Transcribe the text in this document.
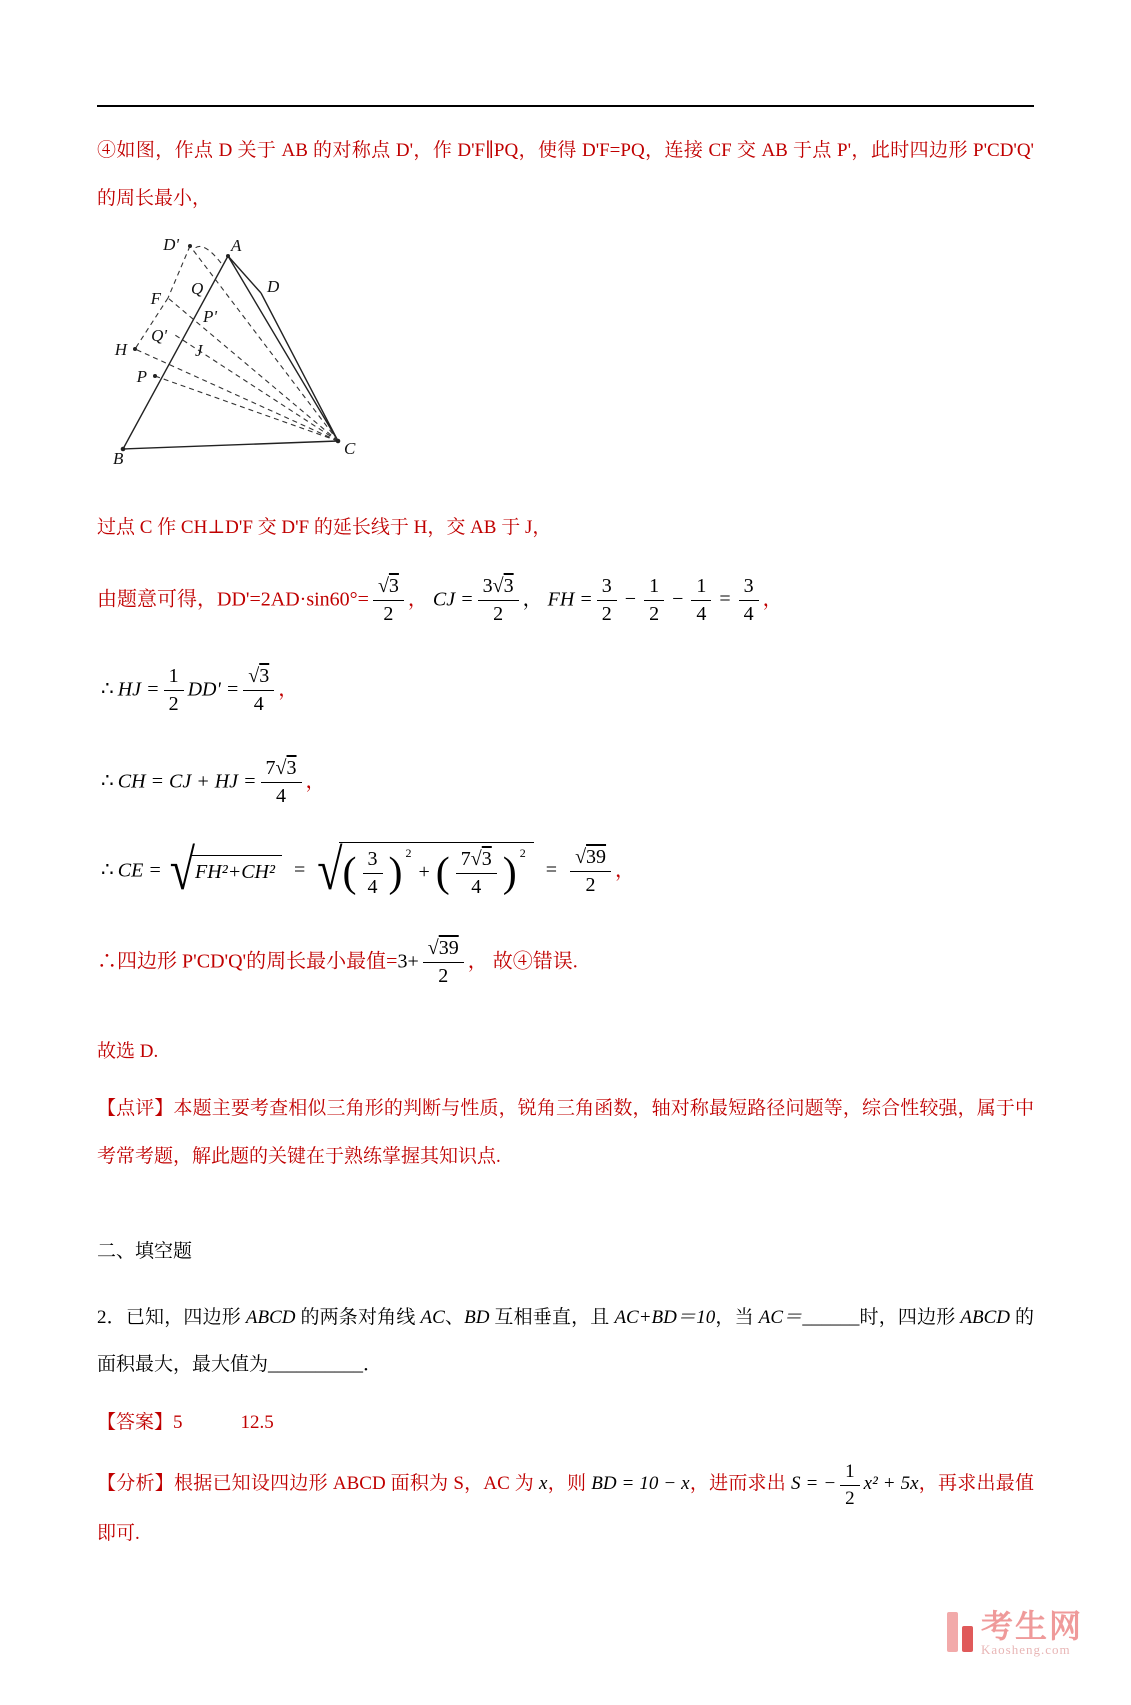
④如图，作点 D 关于 AB 的对称点 D'，作 D'F∥PQ，使得 D'F=PQ，连接 CF 交 AB 于点 P'，此时四边形 P'CD'Q' 的周长最小，

D'	A
F
Q	D
P'
H
Q'
J
P
B
C

过点 C 作 CH⊥D'F 交 D'F 的延长线于 H，交 AB 于 J，

由题意可得，$DD'=2AD\cdot\sin 60^\circ= \frac{√3}{2}$ ， CJ = $\frac{3√3}{2}$ ， FH = $\frac{3}{2} - \frac{1}{2} - \frac{1}{4} = \frac{3}{4}$ ，

∴ HJ = $\frac{1}{2} DD' = \frac{√3}{4}$ ，

∴ CH = CJ + HJ = $\frac{7√3}{4}$ ，

∴ CE = √ FH²+CH² = √ ( $\frac{3}{4}$ ) $^2$
+ ( $\frac{7√3}{4}$ ) $^2$
= $\frac{√39}{2}$ ，

∴四边形 P'CD'Q'的周长最小最值$=3+ \frac{√39}{2}$ ， 故④错误.

故选 D.

【点评】本题主要考查相似三角形的判断与性质，锐角三角函数，轴对称最短路径问题等，综合性较强，属于中考常考题，解此题的关键在于熟练掌握其知识点.

二、填空题

2．已知，四边形 ABCD 的两条对角线 AC、BD 互相垂直，且 AC+BD＝10，当 AC＝______时，四边形 ABCD 的面积最大，最大值为__________．

【答案】5	12.5

【分析】根据已知设四边形 ABCD 面积为 S，AC 为 x，则 BD = 10 − x，进而求出 S = − $\frac{1}{2} x^2 + 5x$，再求出最值即可.

考生网
Kaosheng.com
